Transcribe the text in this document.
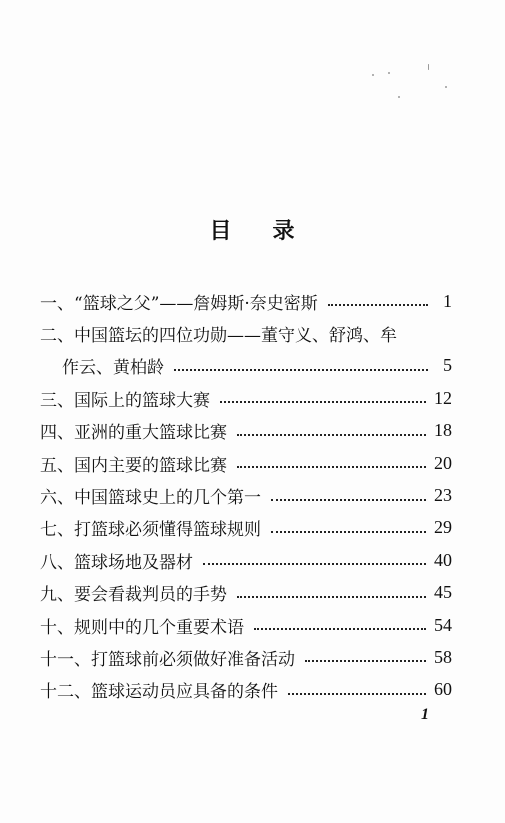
目 录
一、“篮球之父”——詹姆斯·奈史密斯	1
二、中国篮坛的四位功勋——董守义、舒鸿、牟
作云、黄柏龄	5
三、国际上的篮球大赛	12
四、亚洲的重大篮球比赛	18
五、国内主要的篮球比赛	20
六、中国篮球史上的几个第一	23
七、打篮球必须懂得篮球规则	29
八、篮球场地及器材	40
九、要会看裁判员的手势	45
十、规则中的几个重要术语	54
十一、打篮球前必须做好准备活动	58
十二、篮球运动员应具备的条件	60
1
